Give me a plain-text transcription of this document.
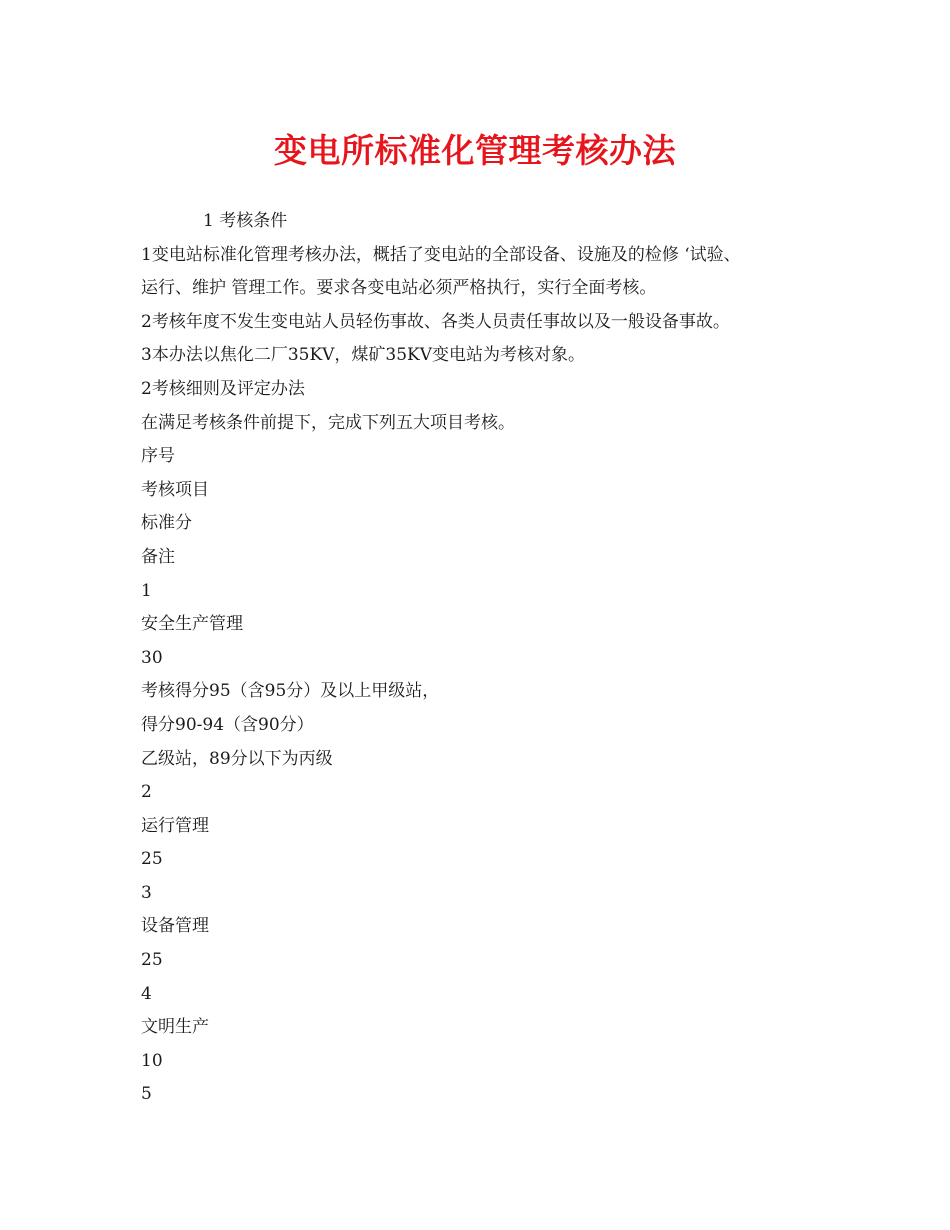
变电所标准化管理考核办法
1 考核条件
1变电站标准化管理考核办法，概括了变电站的全部设备、设施及的检修 ‘试验、
运行、维护 管理工作。要求各变电站必须严格执行，实行全面考核。
2考核年度不发生变电站人员轻伤事故、各类人员责任事故以及一般设备事故。
3本办法以焦化二厂35KV，煤矿35KV变电站为考核对象。
2考核细则及评定办法
在满足考核条件前提下，完成下列五大项目考核。
序号
考核项目
标准分
备注
1
安全生产管理
30
考核得分95（含95分）及以上甲级站，
得分90-94（含90分）
乙级站，89分以下为丙级
2
运行管理
25
3
设备管理
25
4
文明生产
10
5
